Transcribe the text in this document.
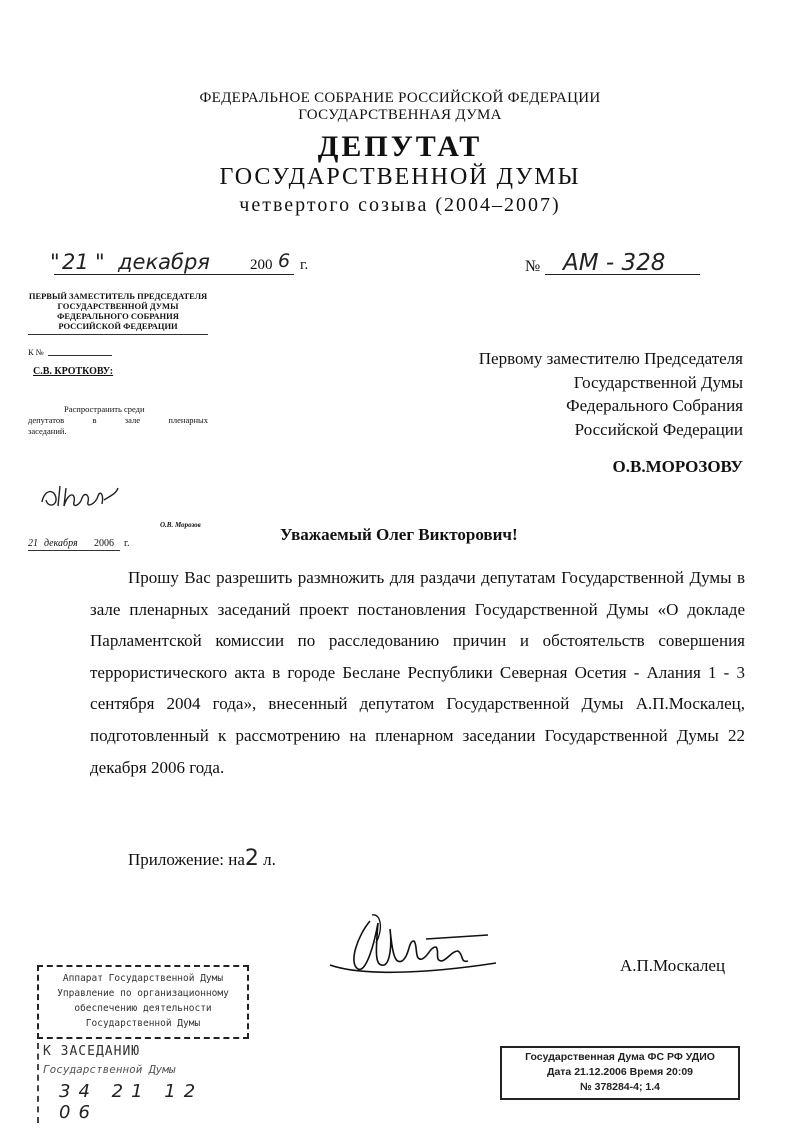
ФЕДЕРАЛЬНОЕ СОБРАНИЕ РОССИЙСКОЙ ФЕДЕРАЦИИ
ГОСУДАРСТВЕННАЯ ДУМА
ДЕПУТАТ
ГОСУДАРСТВЕННОЙ ДУМЫ
четвертого созыва (2004–2007)
" 21 " декабря	200 6 г.	№ АМ - 328
ПЕРВЫЙ ЗАМЕСТИТЕЛЬ ПРЕДСЕДАТЕЛЯ
ГОСУДАРСТВЕННОЙ ДУМЫ
ФЕДЕРАЛЬНОГО СОБРАНИЯ
РОССИЙСКОЙ ФЕДЕРАЦИИ
К №
С.В. КРОТКОВУ:
Распространить среди
депутатов в зале пленарных
заседаний.
О.В. Морозов
21 декабря 2006 г.
Первому заместителю Председателя
Государственной Думы
Федерального Собрания
Российской Федерации
О.В.МОРОЗОВУ
Уважаемый Олег Викторович!
Прошу Вас разрешить размножить для раздачи депутатам Государственной Думы в зале пленарных заседаний проект постановления Государственной Думы «О докладе Парламентской комиссии по расследованию причин и обстоятельств совершения террористического акта в городе Беслане Республики Северная Осетия - Алания 1 - 3 сентября 2004 года», внесенный депутатом Государственной Думы А.П.Москалец, подготовленный к рассмотрению на пленарном заседании Государственной Думы 22 декабря 2006 года.
Приложение: на2 л.
А.П.Москалец
Аппарат Государственной Думы
Управление по организационному
обеспечению деятельности
Государственной Думы
К ЗАСЕДАНИЮ
Государственной Думы
34 21 12 06
Государственная Дума ФС РФ УДИО
Дата 21.12.2006 Время 20:09
№ 378284-4; 1.4
